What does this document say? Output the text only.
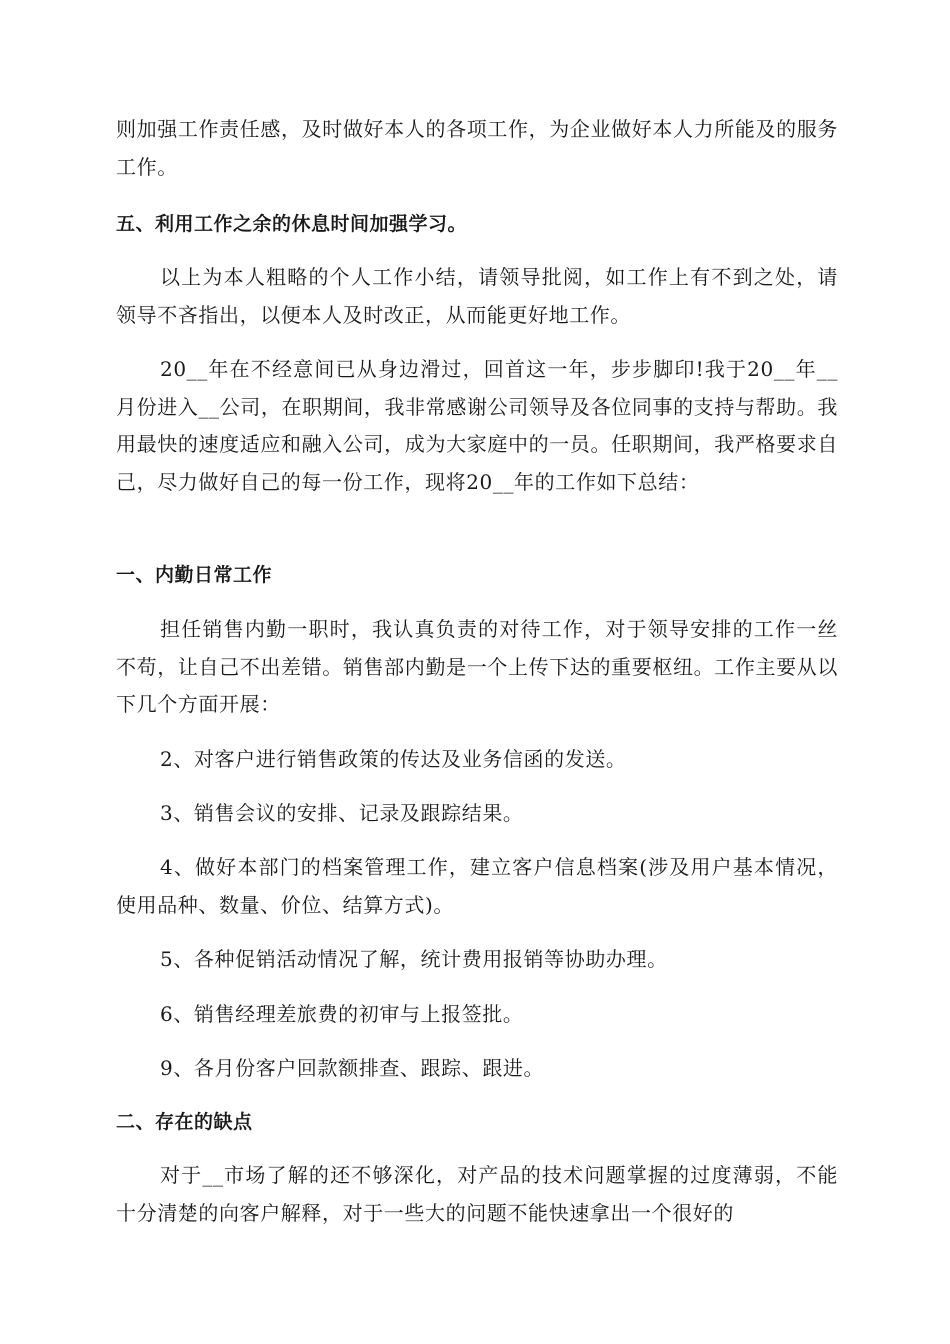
则加强工作责任感，及时做好本人的各项工作，为企业做好本人力所能及的服务工作。

五、利用工作之余的休息时间加强学习。

以上为本人粗略的个人工作小结，请领导批阅，如工作上有不到之处，请领导不吝指出，以便本人及时改正，从而能更好地工作。

20__年在不经意间已从身边滑过，回首这一年，步步脚印!我于20__年__月份进入__公司，在职期间，我非常感谢公司领导及各位同事的支持与帮助。我用最快的速度适应和融入公司，成为大家庭中的一员。任职期间，我严格要求自己，尽力做好自己的每一份工作，现将20__年的工作如下总结：

一、内勤日常工作

担任销售内勤一职时，我认真负责的对待工作，对于领导安排的工作一丝不苟，让自己不出差错。销售部内勤是一个上传下达的重要枢纽。工作主要从以下几个方面开展：

2、对客户进行销售政策的传达及业务信函的发送。

3、销售会议的安排、记录及跟踪结果。

4、做好本部门的档案管理工作，建立客户信息档案(涉及用户基本情况，使用品种、数量、价位、结算方式)。

5、各种促销活动情况了解，统计费用报销等协助办理。

6、销售经理差旅费的初审与上报签批。

9、各月份客户回款额排查、跟踪、跟进。

二、存在的缺点

对于__市场了解的还不够深化，对产品的技术问题掌握的过度薄弱，不能十分清楚的向客户解释，对于一些大的问题不能快速拿出一个很好的
